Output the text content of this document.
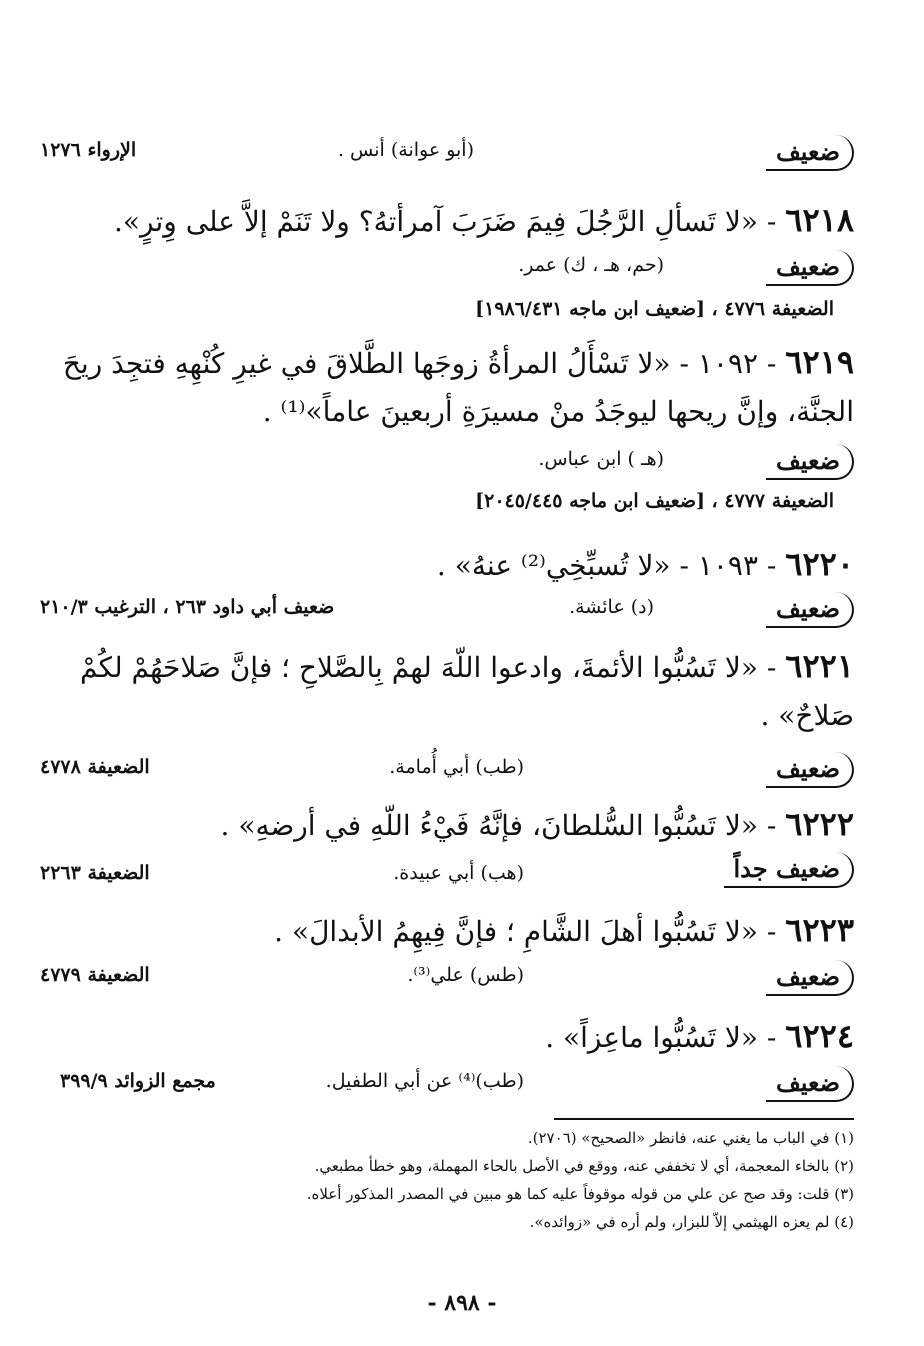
ضعيف
(أبو عوانة) أنس .
الإرواء ١٢٧٦
٦٢١٨ - «لا تَسألِ الرَّجُلَ فِيمَ ضَرَبَ آمرأتهُ؟ ولا تَنَمْ إلاَّ على وِترٍ».
ضعيف
(حم، هـ ، ك) عمر.
الضعيفة ٤٧٧٦ ، [ضعيف ابن ماجه ١٩٨٦/٤٣١]
٦٢١٩ - ١٠٩٢ - «لا تَسْأَلُ المرأةُ زوجَها الطَّلاقَ في غيرِ كُنْهِهِ فتجِدَ ريحَ الجنَّة، وإنَّ ريحها ليوجَدُ منْ مسيرَةِ أربعينَ عاماً»⁽¹⁾ .
ضعيف
(هـ ) ابن عباس.
الضعيفة ٤٧٧٧ ، [ضعيف ابن ماجه ٢٠٤٥/٤٤٥]
٦٢٢٠ - ١٠٩٣ - «لا تُسبِّخِي⁽²⁾ عنهُ» .
ضعيف
(د) عائشة.
ضعيف أبي داود ٢٦٣ ، الترغيب ٢١٠/٣
٦٢٢١ - «لا تَسُبُّوا الأئمةَ، وادعوا اللّهَ لهمْ بِالصَّلاحِ ؛ فإنَّ صَلاحَهُمْ لكُمْ صَلاحٌ» .
ضعيف
(طب) أبي أُمامة.
الضعيفة ٤٧٧٨
٦٢٢٢ - «لا تَسُبُّوا السُّلطانَ، فإنَّهُ فَيْءُ اللّهِ في أرضهِ» .
ضعيف جداً
(هب) أبي عبيدة.
الضعيفة ٢٢٦٣
٦٢٢٣ - «لا تَسُبُّوا أهلَ الشَّامِ ؛ فإنَّ فِيهِمُ الأبدالَ» .
ضعيف
(طس) علي⁽³⁾.
الضعيفة ٤٧٧٩
٦٢٢٤ - «لا تَسُبُّوا ماعِزاً» .
ضعيف
(طب)⁽⁴⁾ عن أبي الطفيل.
مجمع الزوائد ٣٩٩/٩
(١) في الباب ما يغني عنه، فانظر «الصحيح» (٢٧٠٦).
(٢) بالخاء المعجمة، أي لا تخففي عنه، ووقع في الأصل بالحاء المهملة، وهو خطأ مطبعي.
(٣) قلت: وقد صح عن علي من قوله موقوفاً عليه كما هو مبين في المصدر المذكور أعلاه.
(٤) لم يعزه الهيثمي إلاّ للبزار، ولم أره في «زوائده».
- ٨٩٨ -
